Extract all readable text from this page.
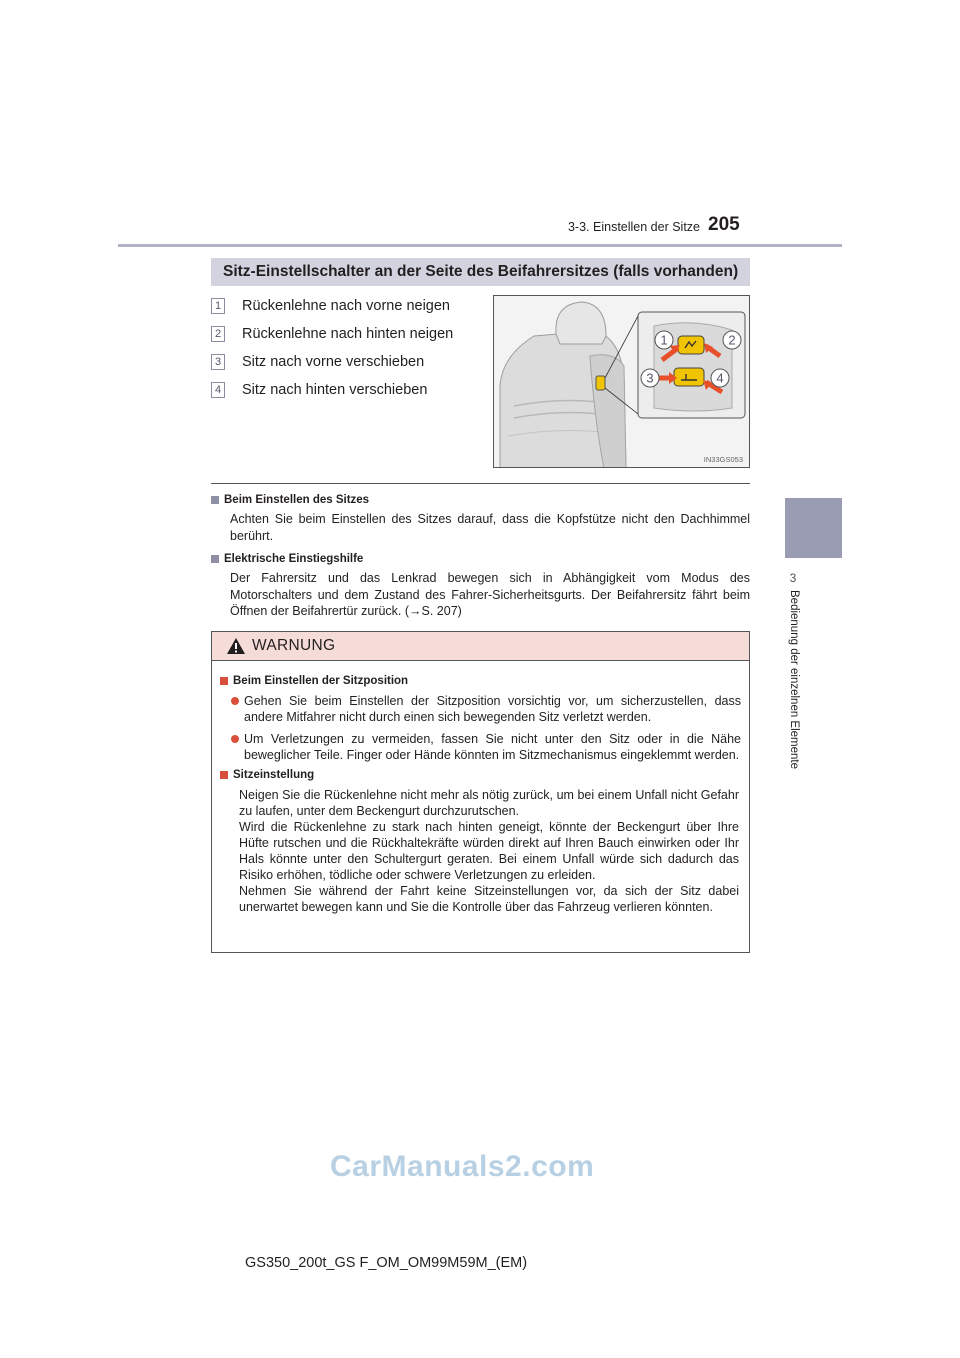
3-3. Einstellen der Sitze 205
3
Bedienung der einzelnen Elemente
Sitz-Einstellschalter an der Seite des Beifahrersitzes (falls vorhanden)
1 Rückenlehne nach vorne neigen
2 Rückenlehne nach hinten neigen
3 Sitz nach vorne verschieben
4 Sitz nach hinten verschieben
1	2
3	4
IN33GS053
Beim Einstellen des Sitzes
Achten Sie beim Einstellen des Sitzes darauf, dass die Kopfstütze nicht den Dachhimmel berührt.
Elektrische Einstiegshilfe
Der Fahrersitz und das Lenkrad bewegen sich in Abhängigkeit vom Modus des Motorschalters und dem Zustand des Fahrer-Sicherheitsgurts. Der Beifahrersitz fährt beim Öffnen der Beifahrertür zurück. (→S. 207)
WARNUNG
Beim Einstellen der Sitzposition
Gehen Sie beim Einstellen der Sitzposition vorsichtig vor, um sicherzustellen, dass andere Mitfahrer nicht durch einen sich bewegenden Sitz verletzt werden.
Um Verletzungen zu vermeiden, fassen Sie nicht unter den Sitz oder in die Nähe beweglicher Teile. Finger oder Hände könnten im Sitzmechanismus eingeklemmt werden.
Sitzeinstellung
Neigen Sie die Rückenlehne nicht mehr als nötig zurück, um bei einem Unfall nicht Gefahr zu laufen, unter dem Beckengurt durchzurutschen.
Wird die Rückenlehne zu stark nach hinten geneigt, könnte der Beckengurt über Ihre Hüfte rutschen und die Rückhaltekräfte würden direkt auf Ihren Bauch einwirken oder Ihr Hals könnte unter den Schultergurt geraten. Bei einem Unfall würde sich dadurch das Risiko erhöhen, tödliche oder schwere Verletzungen zu erleiden.
Nehmen Sie während der Fahrt keine Sitzeinstellungen vor, da sich der Sitz dabei unerwartet bewegen kann und Sie die Kontrolle über das Fahrzeug verlieren könnten.
CarManuals2.com
GS350_200t_GS F_OM_OM99M59M_(EM)
